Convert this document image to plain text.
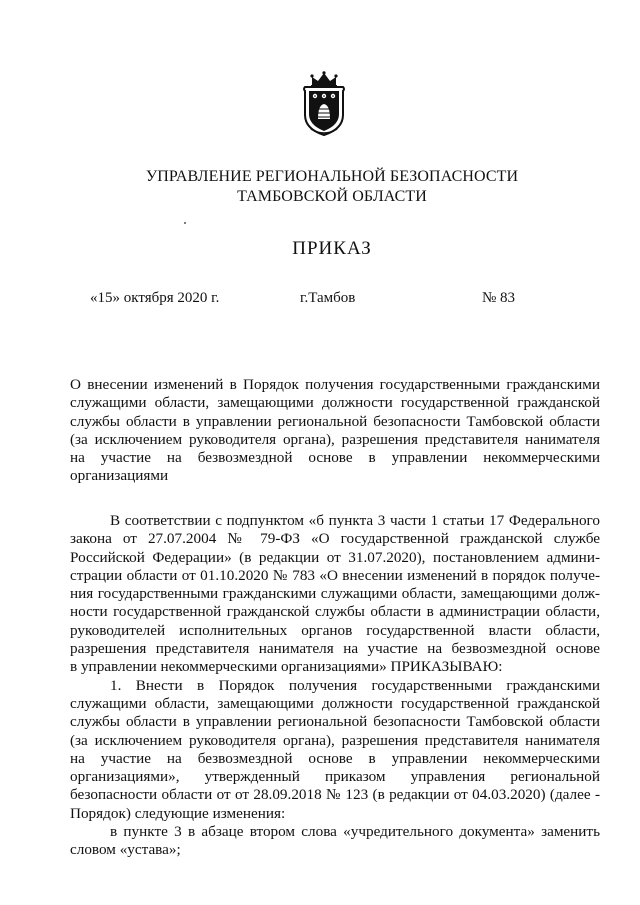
УПРАВЛЕНИЕ РЕГИОНАЛЬНОЙ БЕЗОПАСНОСТИ
ТАМБОВСКОЙ ОБЛАСТИ
ПРИКАЗ
«15» октября 2020 г.	г.Тамбов	№ 83
О внесении изменений в Порядок получения государственными гражданскими
служащими области, замещающими должности государственной гражданской
службы области в управлении региональной безопасности Тамбовской области
(за исключением руководителя органа), разрешения представителя нанимателя
на участие на безвозмездной основе в управлении некоммерческими
организациями
В соответствии с подпунктом «б пункта 3 части 1 статьи 17 Федерального
закона от 27.07.2004 № 79-ФЗ «О государственной гражданской службе
Российской Федерации» (в редакции от 31.07.2020), постановлением админи-
страции области от 01.10.2020 № 783 «О внесении изменений в порядок получе-
ния государственными гражданскими служащими области, замещающими долж-
ности государственной гражданской службы области в администрации области,
руководителей исполнительных органов государственной власти области,
разрешения представителя нанимателя на участие на безвозмездной основе
в управлении некоммерческими организациями» ПРИКАЗЫВАЮ:
1. Внести в Порядок получения государственными гражданскими
служащими области, замещающими должности государственной гражданской
службы области в управлении региональной безопасности Тамбовской области
(за исключением руководителя органа), разрешения представителя нанимателя
на участие на безвозмездной основе в управлении некоммерческими
организациями», утвержденный приказом управления региональной
безопасности области от от 28.09.2018 № 123 (в редакции от 04.03.2020) (далее -
Порядок) следующие изменения:
в пункте 3 в абзаце втором слова «учредительного документа» заменить
словом «устава»;
